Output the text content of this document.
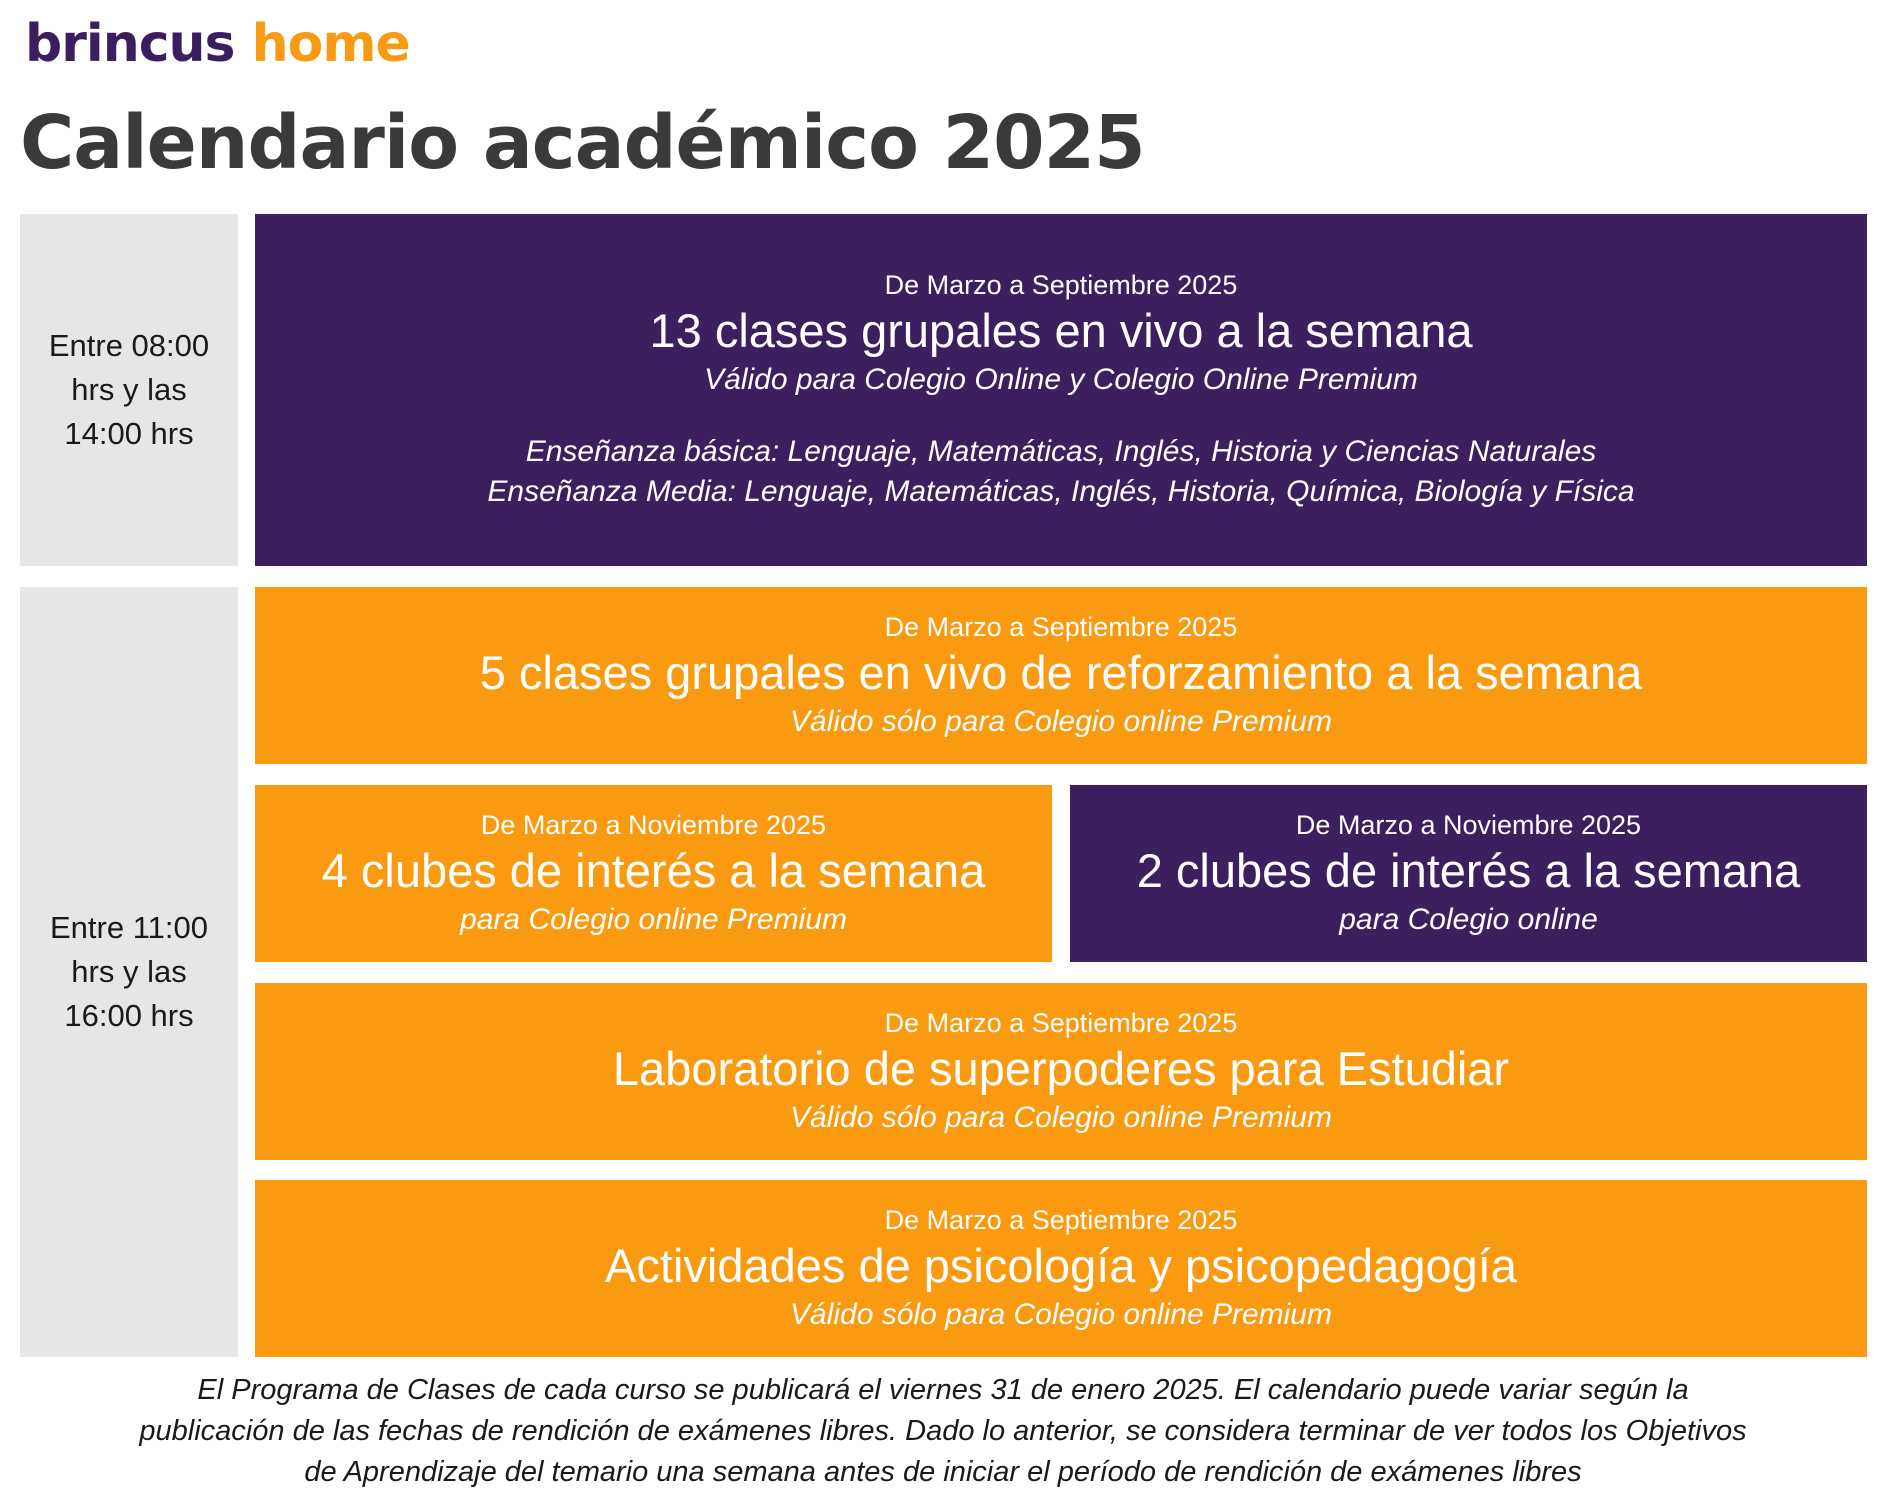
brincus home
Calendario académico 2025
Entre 08:00
hrs y las
14:00 hrs
Entre 11:00
hrs y las
16:00 hrs
De Marzo a Septiembre 2025
13 clases grupales en vivo a la semana
Válido para Colegio Online y Colegio Online Premium
Enseñanza básica: Lenguaje, Matemáticas, Inglés, Historia y Ciencias Naturales
Enseñanza Media: Lenguaje, Matemáticas, Inglés, Historia, Química, Biología y Física
De Marzo a Septiembre 2025
5 clases grupales en vivo de reforzamiento a la semana
Válido sólo para Colegio online Premium
De Marzo a Noviembre 2025
4 clubes de interés a la semana
para Colegio online Premium
De Marzo a Noviembre 2025
2 clubes de interés a la semana
para Colegio online
De Marzo a Septiembre 2025
Laboratorio de superpoderes para Estudiar
Válido sólo para Colegio online Premium
De Marzo a Septiembre 2025
Actividades de psicología y psicopedagogía
Válido sólo para Colegio online Premium
El Programa de Clases de cada curso se publicará el viernes 31 de enero 2025. El calendario puede variar según la
publicación de las fechas de rendición de exámenes libres. Dado lo anterior, se considera terminar de ver todos los Objetivos
de Aprendizaje del temario una semana antes de iniciar el período de rendición de exámenes libres
